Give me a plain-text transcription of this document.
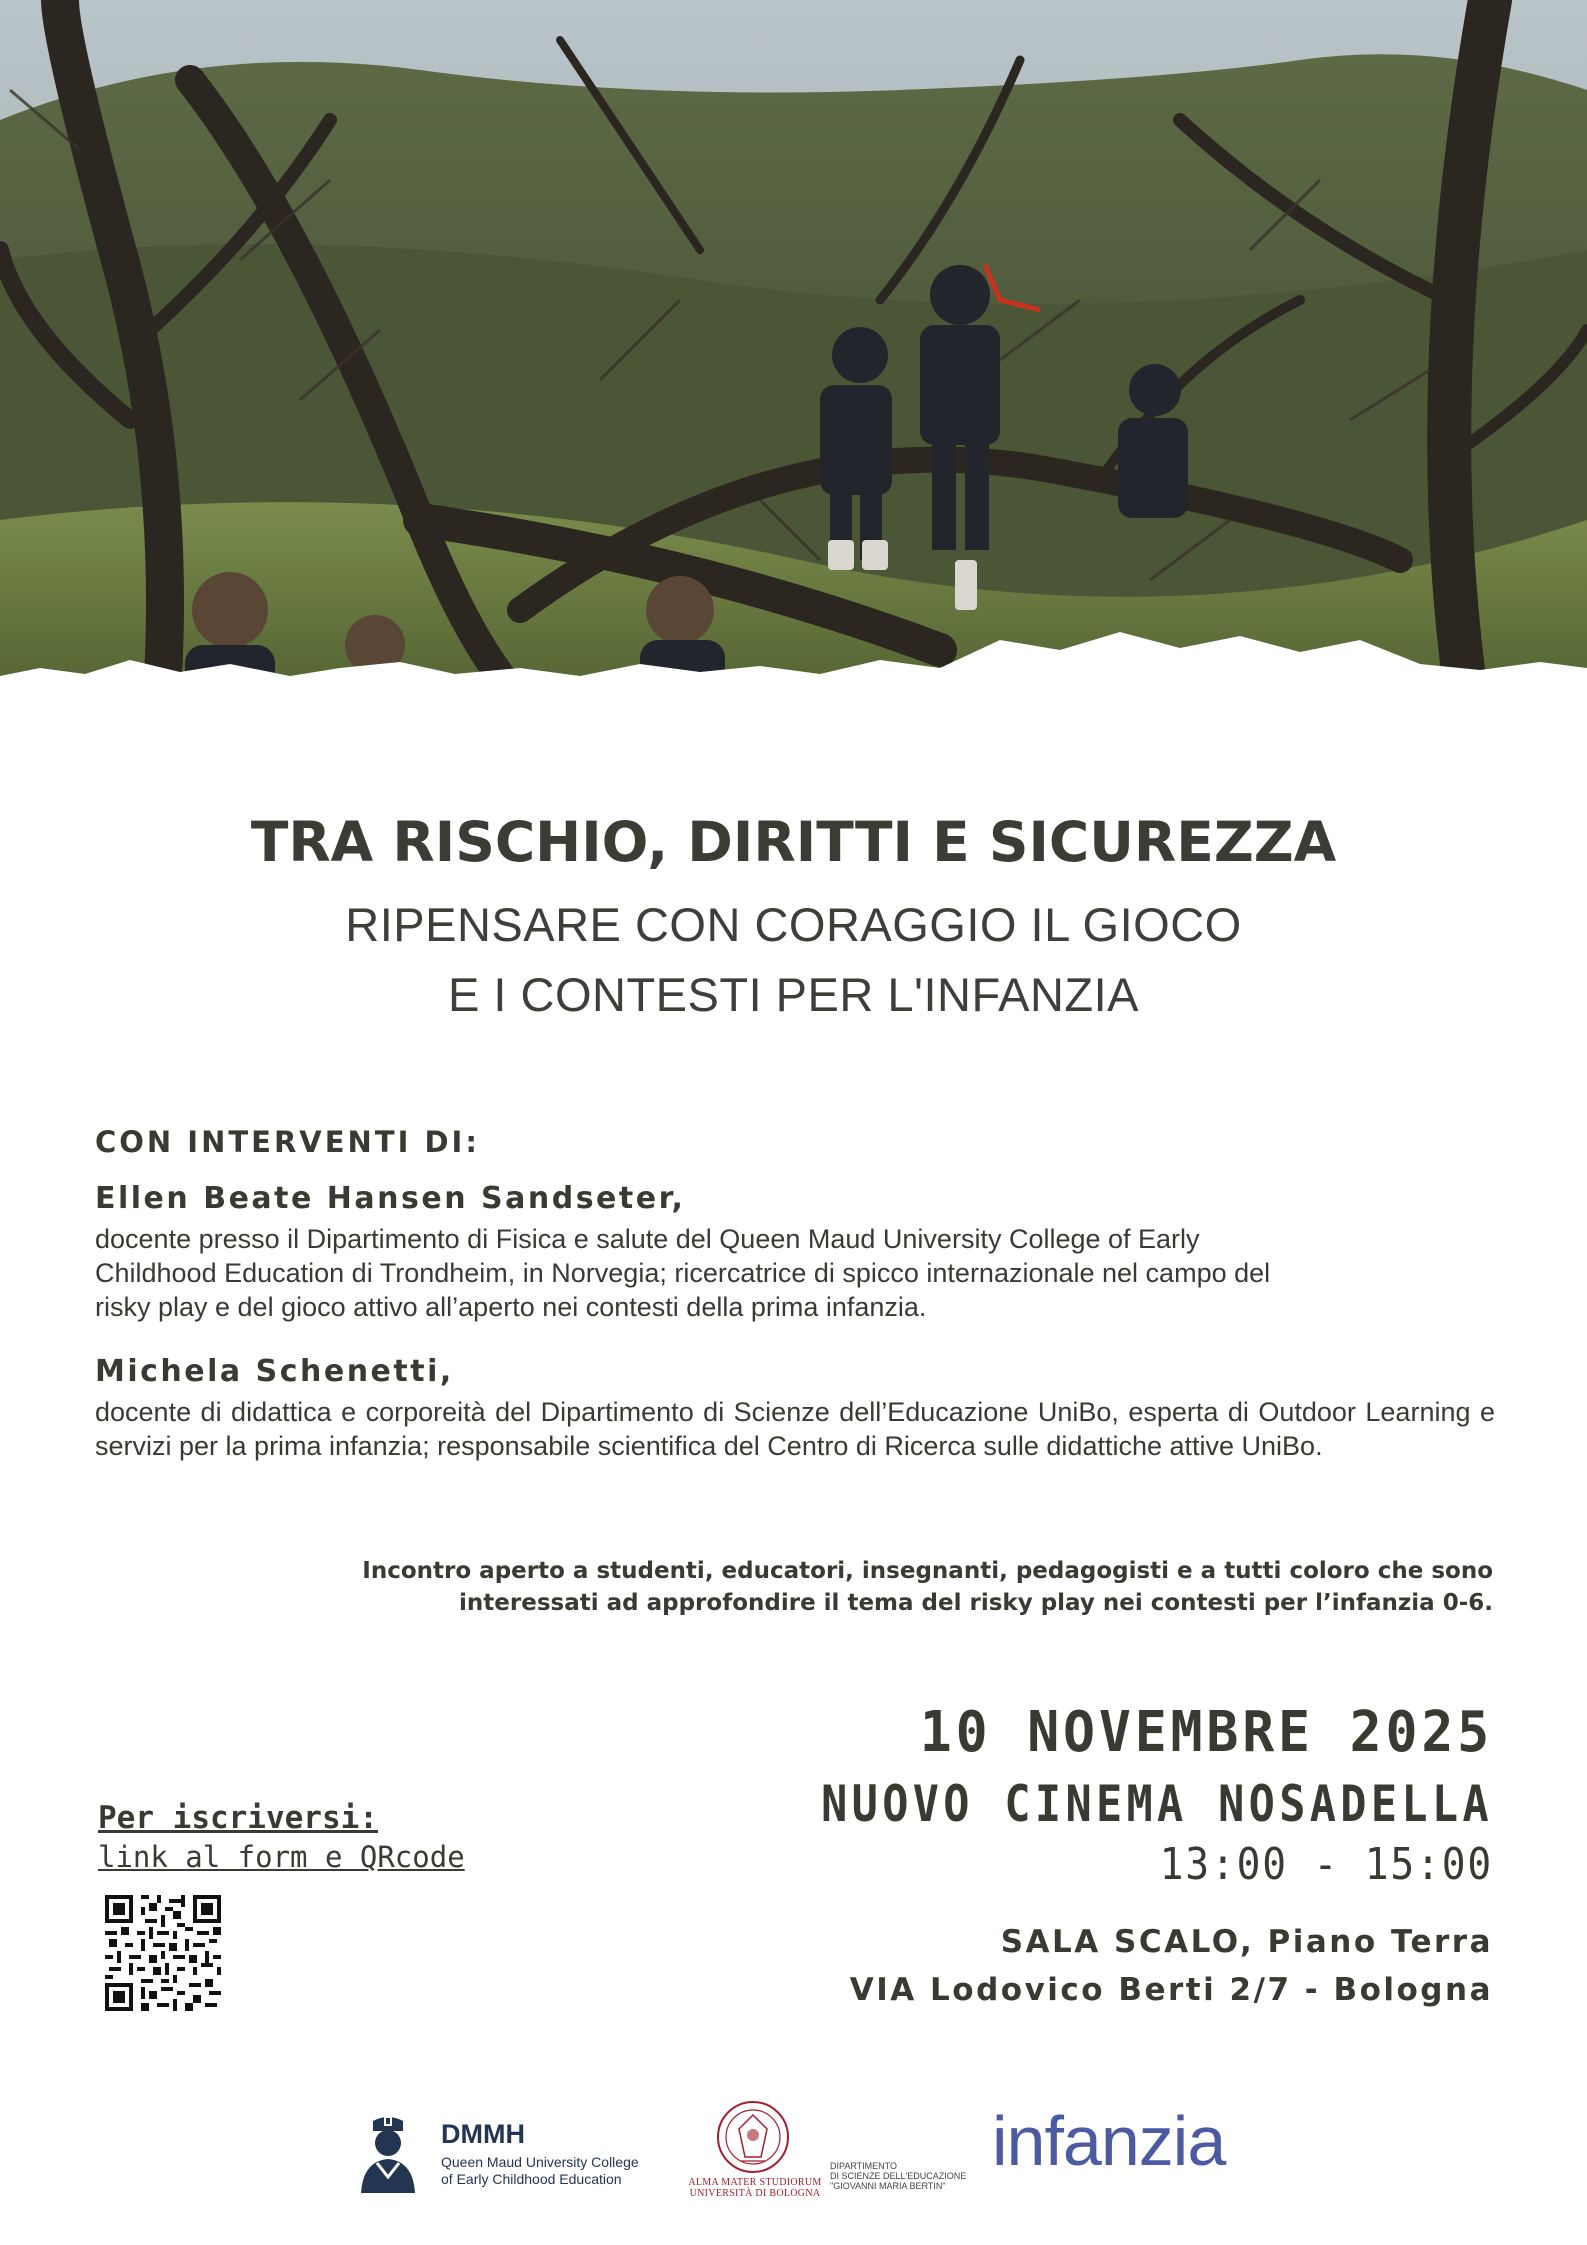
TRA RISCHIO, DIRITTI E SICUREZZA
RIPENSARE CON CORAGGIO IL GIOCO
E I CONTESTI PER L'INFANZIA

CON INTERVENTI DI:

Ellen Beate Hansen Sandseter,

docente presso il Dipartimento di Fisica e salute del Queen Maud University College of Early
Childhood Education di Trondheim, in Norvegia; ricercatrice di spicco internazionale nel campo del
risky play e del gioco attivo all’aperto nei contesti della prima infanzia.

Michela Schenetti,

docente di didattica e corporeità del Dipartimento di Scienze dell’Educazione UniBo, esperta di Outdoor Learning e servizi per la prima infanzia; responsabile scientifica del Centro di Ricerca sulle didattiche attive UniBo.

Incontro aperto a studenti, educatori, insegnanti, pedagogisti e a tutti coloro che sono
interessati ad approfondire il tema del risky play nei contesti per l’infanzia 0-6.

10 NOVEMBRE 2025

NUOVO CINEMA NOSADELLA

13:00 - 15:00

SALA SCALO, Piano Terra

VIA Lodovico Berti 2/7 - Bologna

Per iscriversi:

link al form e QRcode

DMMH

Queen Maud University College
of Early Childhood Education	ALMA MATER STUDIORUM
UNIVERSITÀ DI BOLOGNA
DIPARTIMENTO
DI SCIENZE DELL'EDUCAZIONE
"GIOVANNI MARIA BERTIN"
infanzia
